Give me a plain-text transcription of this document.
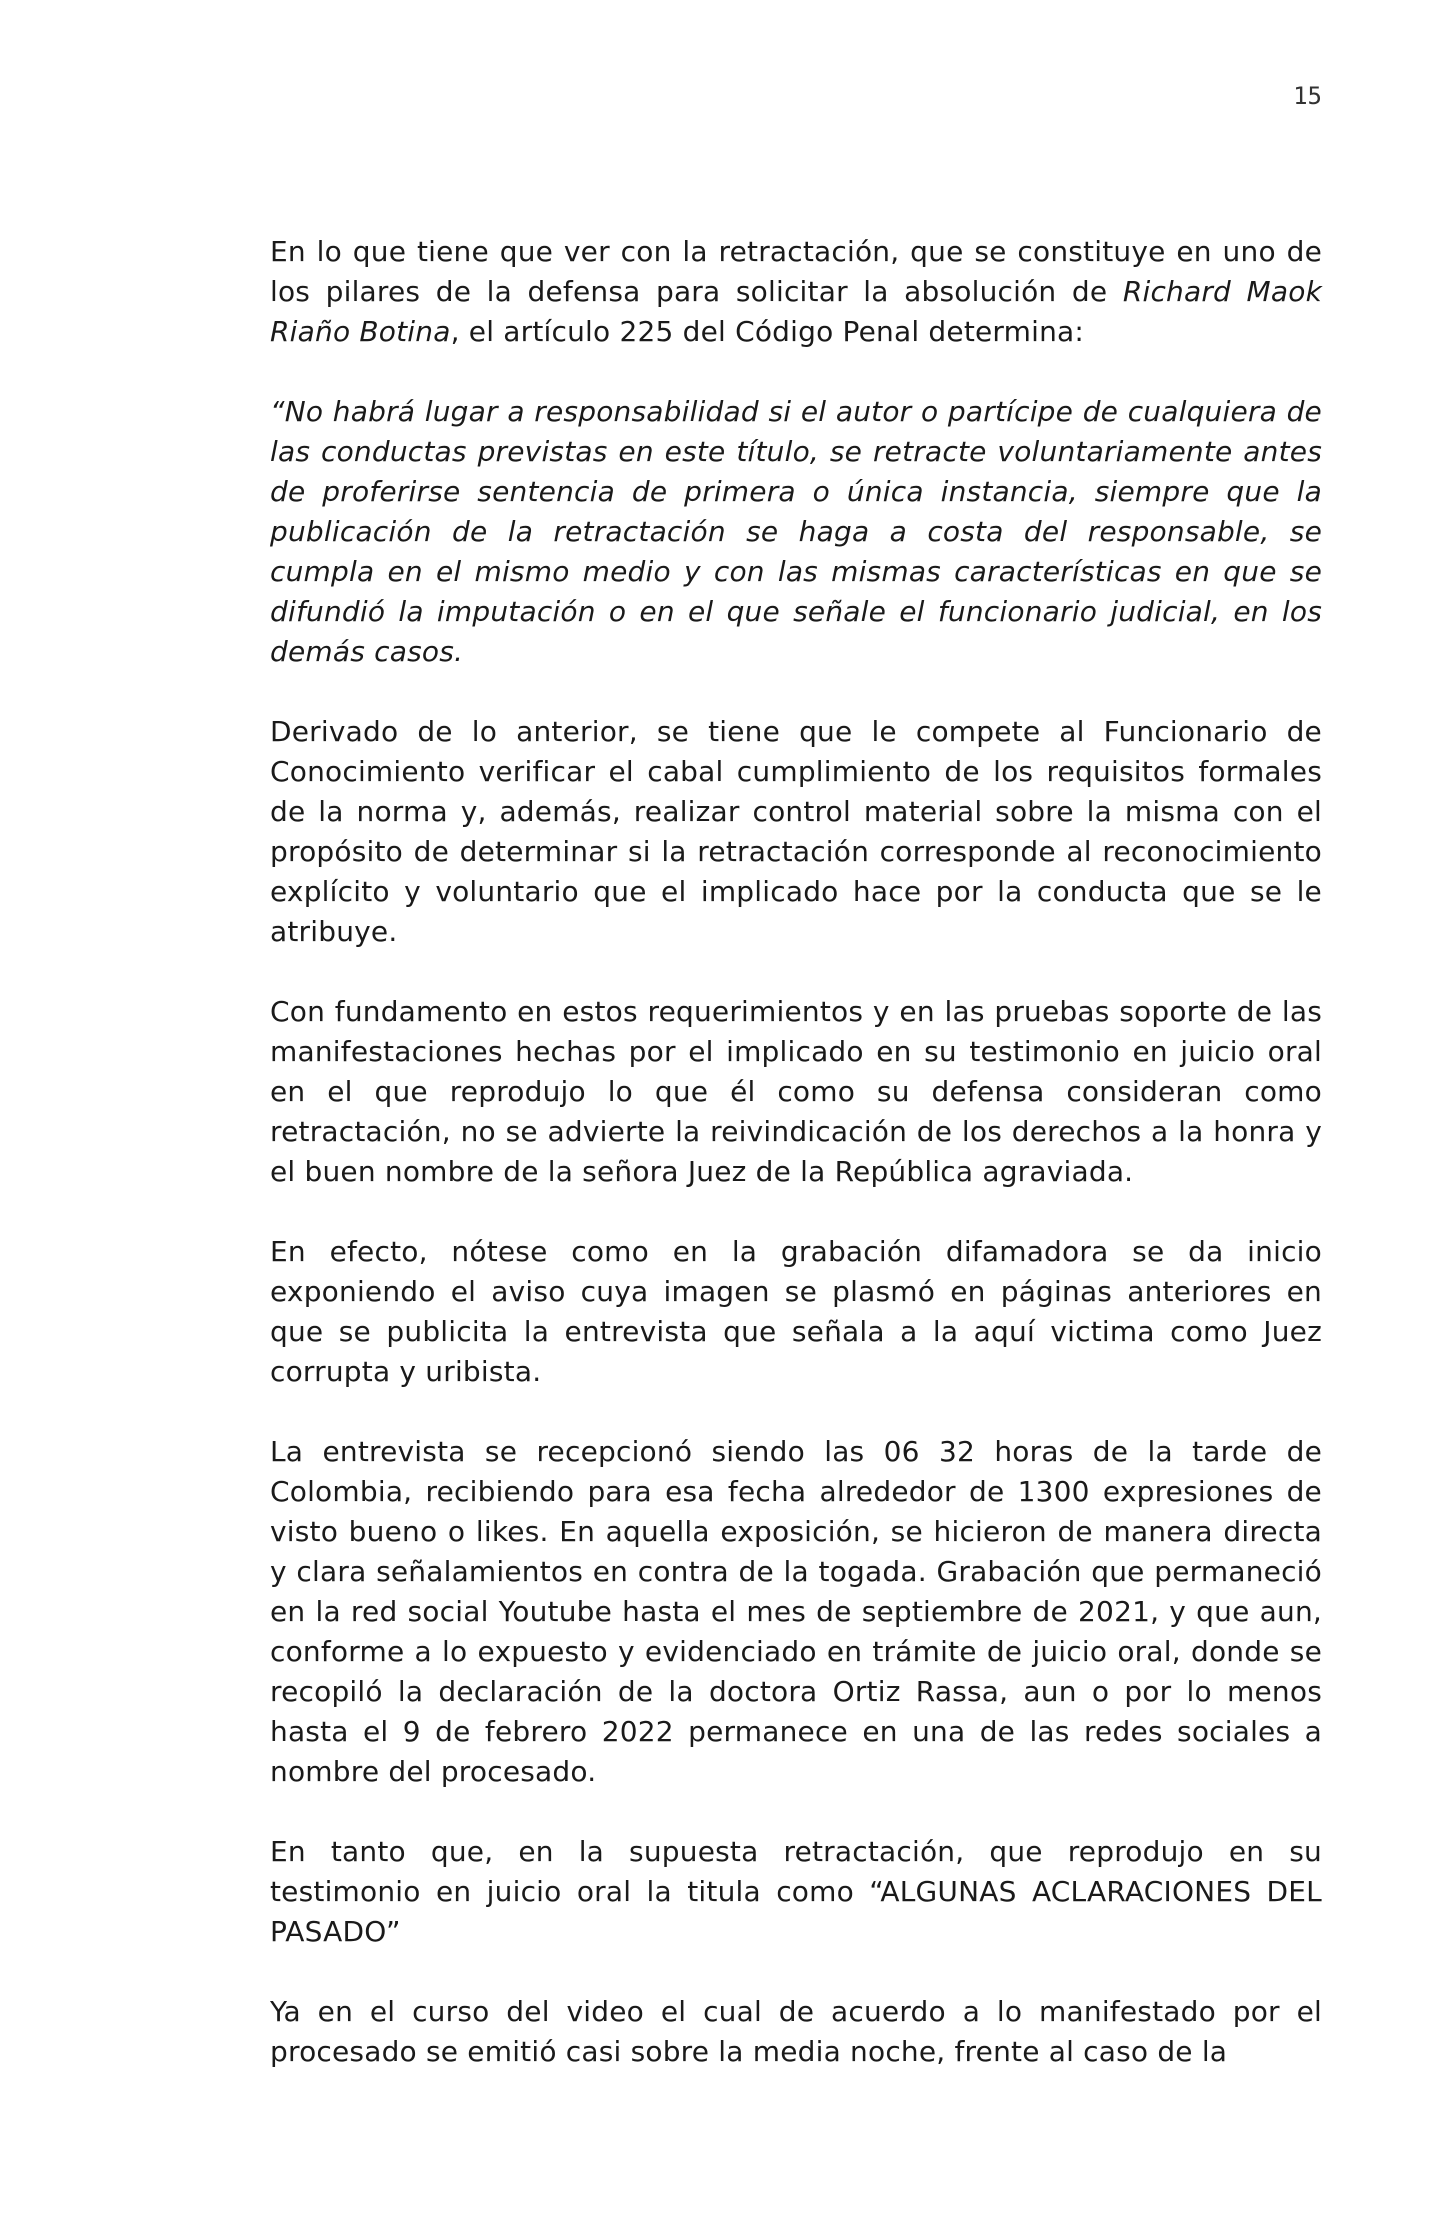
15

En lo que tiene que ver con la retractación, que se constituye en uno de los pilares de la defensa para solicitar la absolución de Richard Maok Riaño Botina, el artículo 225 del Código Penal determina:

“No habrá lugar a responsabilidad si el autor o partícipe de cualquiera de las conductas previstas en este título, se retracte voluntariamente antes de proferirse sentencia de primera o única instancia, siempre que la publicación de la retractación se haga a costa del responsable, se cumpla en el mismo medio y con las mismas características en que se difundió la imputación o en el que señale el funcionario judicial, en los demás casos.

Derivado de lo anterior, se tiene que le compete al Funcionario de Conocimiento verificar el cabal cumplimiento de los requisitos formales de la norma y, además, realizar control material sobre la misma con el propósito de determinar si la retractación corresponde al reconocimiento explícito y voluntario que el implicado hace por la conducta que se le atribuye.

Con fundamento en estos requerimientos y en las pruebas soporte de las manifestaciones hechas por el implicado en su testimonio en juicio oral en el que reprodujo lo que él como su defensa consideran como retractación, no se advierte la reivindicación de los derechos a la honra y el buen nombre de la señora Juez de la República agraviada.

En efecto, nótese como en la grabación difamadora se da inicio exponiendo el aviso cuya imagen se plasmó en páginas anteriores en que se publicita la entrevista que señala a la aquí victima como Juez corrupta y uribista.

La entrevista se recepcionó siendo las 06 32 horas de la tarde de Colombia, recibiendo para esa fecha alrededor de 1300 expresiones de visto bueno o likes. En aquella exposición, se hicieron de manera directa y clara señalamientos en contra de la togada. Grabación que permaneció en la red social Youtube hasta el mes de septiembre de 2021, y que aun, conforme a lo expuesto y evidenciado en trámite de juicio oral, donde se recopiló la declaración de la doctora Ortiz Rassa, aun o por lo menos hasta el 9 de febrero 2022 permanece en una de las redes sociales a nombre del procesado.

En tanto que, en la supuesta retractación, que reprodujo en su testimonio en juicio oral la titula como “ALGUNAS ACLARACIONES DEL PASADO”

Ya en el curso del video el cual de acuerdo a lo manifestado por el procesado se emitió casi sobre la media noche, frente al caso de la
